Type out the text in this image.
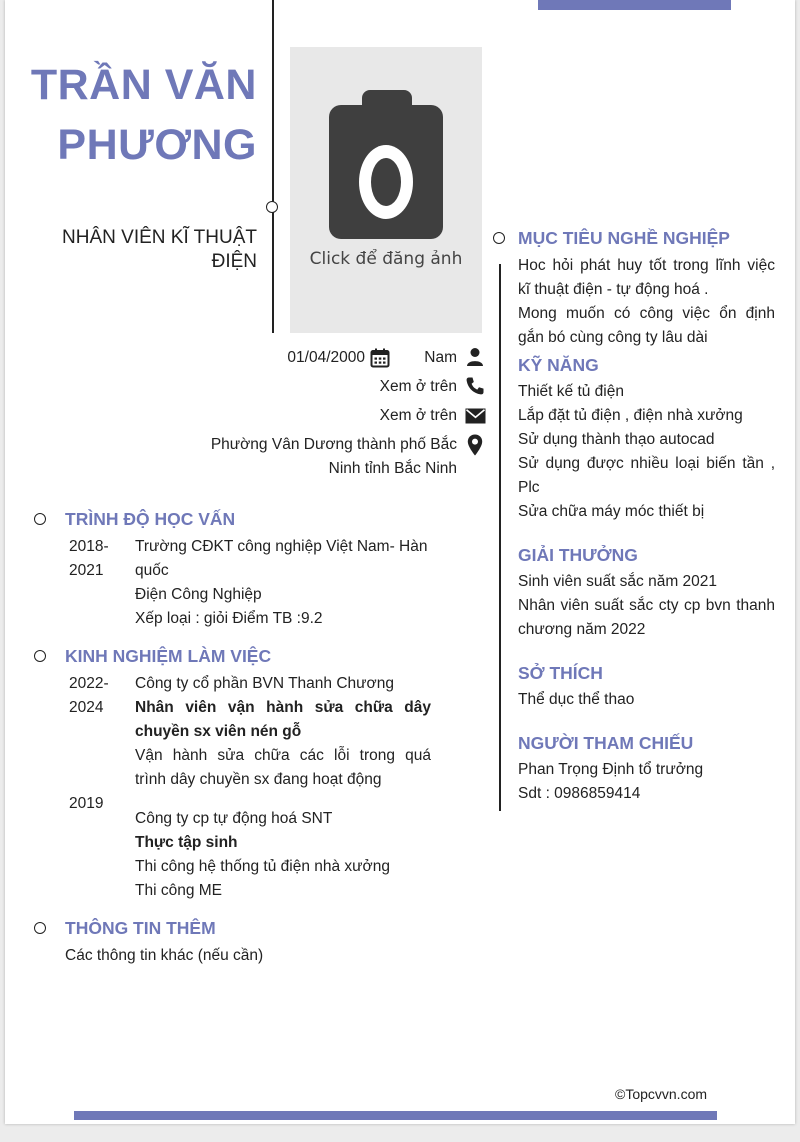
TRẦN VĂN
PHƯƠNG
NHÂN VIÊN KĨ THUẬT
ĐIỆN	Click để đăng ảnh
01/04/2000	Nam
Xem ở trên
Xem ở trên
Phường Vân Dương thành phố Bắc
Ninh tỉnh Bắc Ninh
TRÌNH ĐỘ HỌC VẤN
2018-
2021
Trường CĐKT công nghiệp Việt Nam- Hàn
quốc
Điện Công Nghiệp
Xếp loại : giỏi Điểm TB :9.2
KINH NGHIỆM LÀM VIỆC
2022-
2024
Công ty cổ phần BVN Thanh Chương
Nhân viên vận hành sửa chữa dây
chuyền sx viên nén gỗ
Vận hành sửa chữa các lỗi trong quá
trình dây chuyền sx đang hoạt động
2019
Công ty cp tự động hoá SNT
Thực tập sinh
Thi công hệ thống tủ điện nhà xưởng
Thi công ME
THÔNG TIN THÊM
Các thông tin khác (nếu cần)
MỤC TIÊU NGHỀ NGHIỆP
Hoc hỏi phát huy tốt trong lĩnh việc
kĩ thuật điện - tự động hoá .
Mong muốn có công việc ổn định
gắn bó cùng công ty lâu dài
KỸ NĂNG
Thiết kế tủ điện
Lắp đặt tủ điện , điện nhà xưởng
Sử dụng thành thạo autocad
Sử dụng được nhiều loại biến tần ,
Plc
Sửa chữa máy móc thiết bị
GIẢI THƯỞNG
Sinh viên suất sắc năm 2021
Nhân viên suất sắc cty cp bvn thanh
chương năm 2022
SỞ THÍCH
Thể dục thể thao
NGƯỜI THAM CHIẾU
Phan Trọng Định tổ trưởng
Sdt : 0986859414
©Topcvvn.com
